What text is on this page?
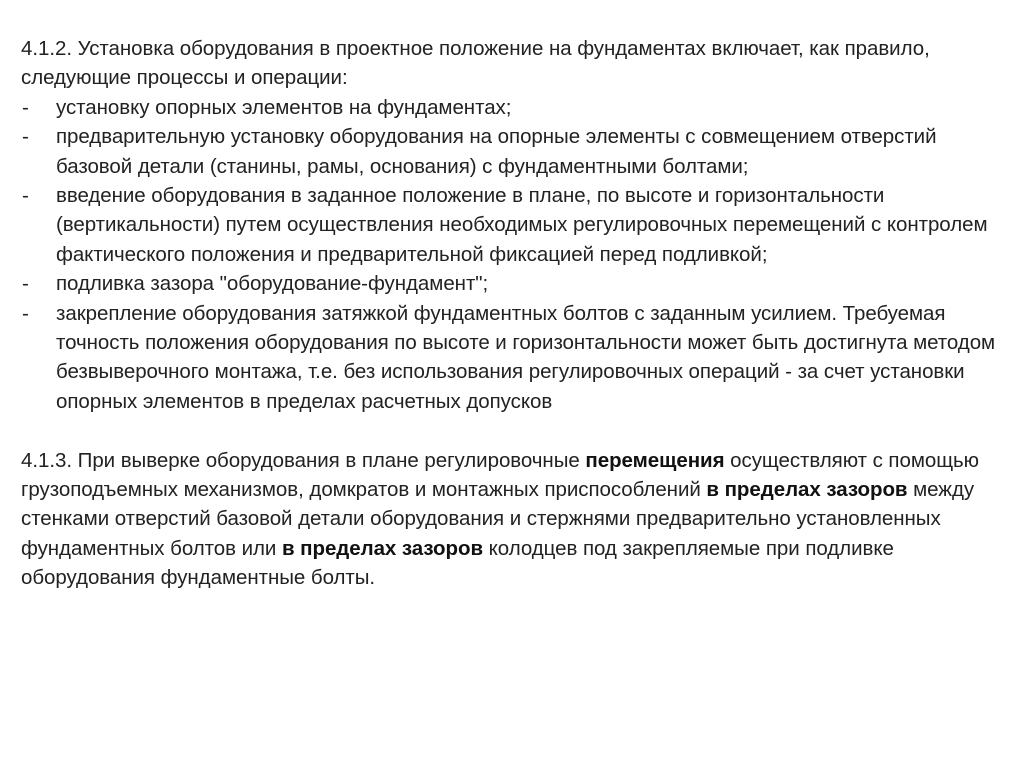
4.1.2. Установка оборудования в проектное положение на фундаментах включает, как правило, следующие процессы и операции:

- установку опорных элементов на фундаментах;
- предварительную установку оборудования на опорные элементы с совмещением отверстий базовой детали (станины, рамы, основания) с фундаментными болтами;
- введение оборудования в заданное положение в плане, по высоте и горизонтальности (вертикальности) путем осуществления необходимых регулировочных перемещений с контролем фактического положения и предварительной фиксацией перед подливкой;
- подливка зазора "оборудование-фундамент";
- закрепление оборудования затяжкой фундаментных болтов с заданным усилием. Требуемая точность положения оборудования по высоте и горизонтальности может быть достигнута методом безвыверочного монтажа, т.е. без использования регулировочных операций - за счет установки опорных элементов в пределах расчетных допусков

4.1.3. При выверке оборудования в плане регулировочные перемещения осуществляют с помощью грузоподъемных механизмов, домкратов и монтажных приспособлений в пределах зазоров между стенками отверстий базовой детали оборудования и стержнями предварительно установленных фундаментных болтов или в пределах зазоров колодцев под закрепляемые при подливке оборудования фундаментные болты.
